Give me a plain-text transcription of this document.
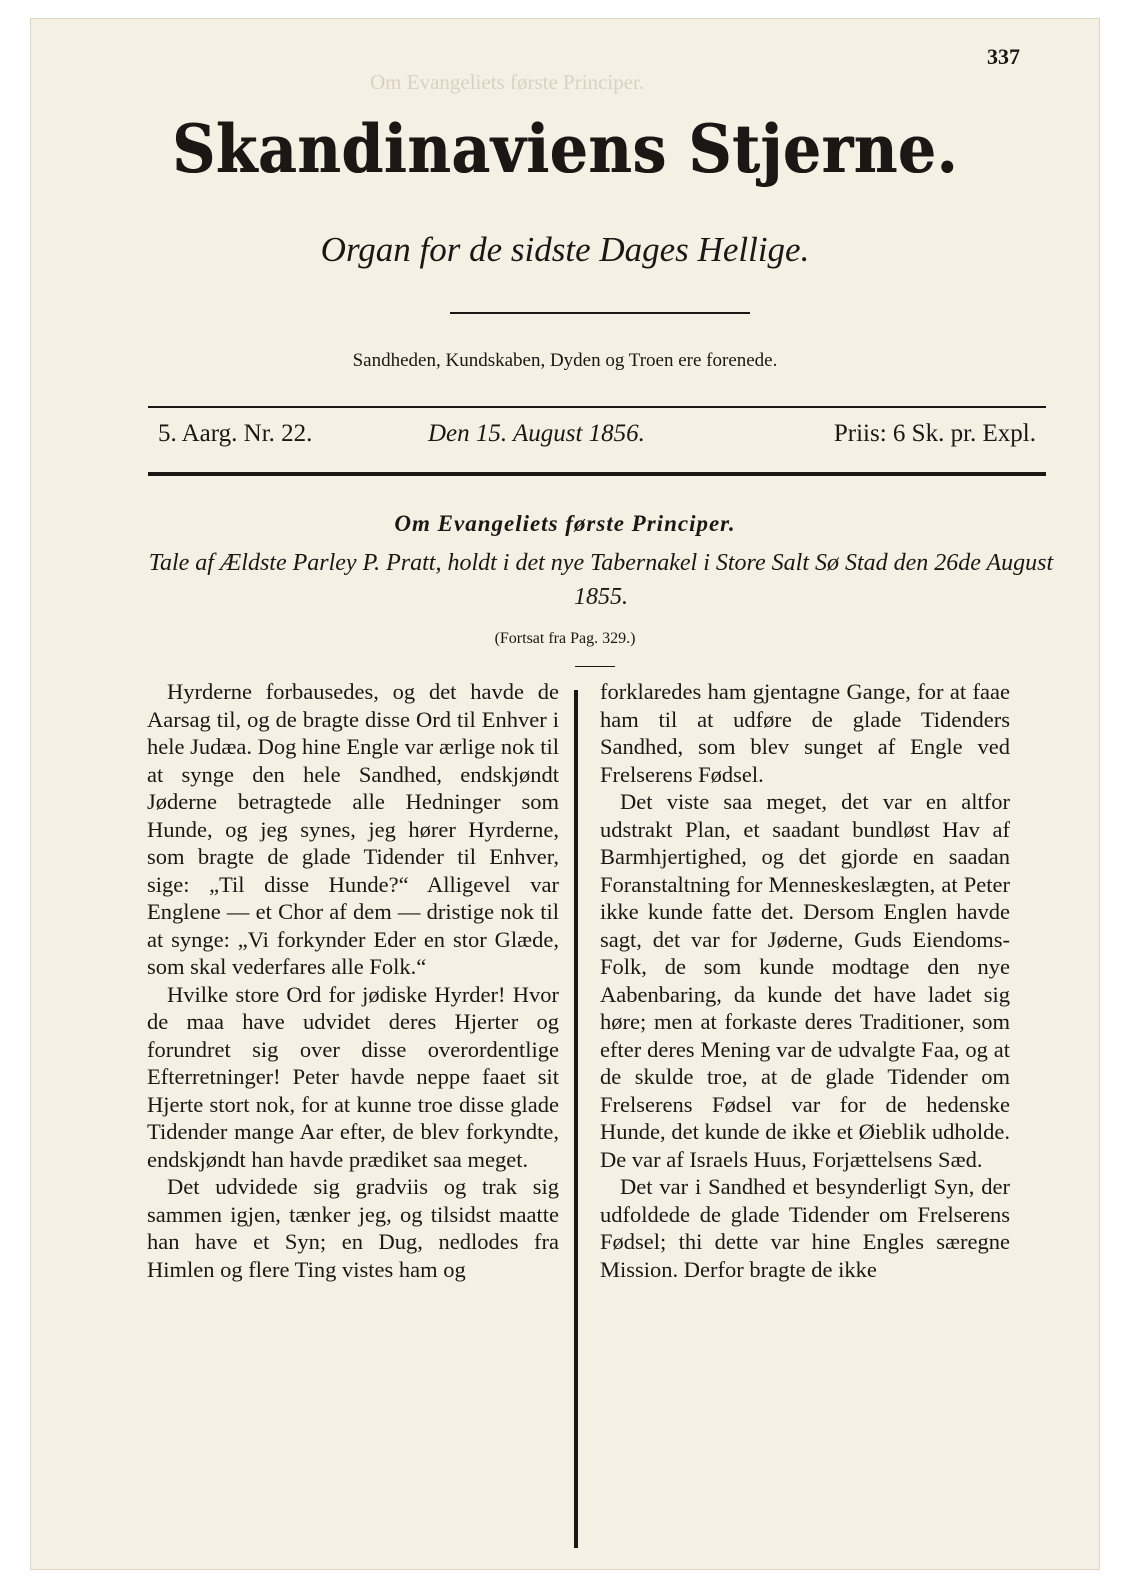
Om Evangeliets første Principer.
337
Skandinaviens Stjerne.
Organ for de sidste Dages Hellige.
Sandheden, Kundskaben, Dyden og Troen ere forenede.
5. Aarg. Nr. 22.	Den 15. August 1856.	Priis: 6 Sk. pr. Expl.
Om Evangeliets første Principer.
Tale af Ældste Parley P. Pratt, holdt i det nye Tabernakel i Store Salt Sø Stad den 26de August 1855.
(Fortsat fra Pag. 329.)

Hyrderne forbausedes, og det havde de Aarsag til, og de bragte disse Ord til Enhver i hele Judæa. Dog hine Engle var ærlige nok til at synge den hele Sandhed, endskjøndt Jøderne betragtede alle Hedninger som Hunde, og jeg synes, jeg hører Hyrderne, som bragte de glade Tidender til Enhver, sige: „Til disse Hunde?“ Alligevel var Englene — et Chor af dem — dristige nok til at synge: „Vi forkynder Eder en stor Glæde, som skal vederfares alle Folk.“

Hvilke store Ord for jødiske Hyrder! Hvor de maa have udvidet deres Hjerter og forundret sig over disse overordentlige Efterretninger! Peter havde neppe faaet sit Hjerte stort nok, for at kunne troe disse glade Tidender mange Aar efter, de blev forkyndte, endskjøndt han havde prædiket saa meget.

Det udvidede sig gradviis og trak sig sammen igjen, tænker jeg, og tilsidst maatte han have et Syn; en Dug, nedlodes fra Himlen og flere Ting vistes ham og

forklaredes ham gjentagne Gange, for at faae ham til at udføre de glade Tidenders Sandhed, som blev sunget af Engle ved Frelserens Fødsel.

Det viste saa meget, det var en altfor udstrakt Plan, et saadant bundløst Hav af Barmhjertighed, og det gjorde en saadan Foranstaltning for Menneskeslægten, at Peter ikke kunde fatte det. Dersom Englen havde sagt, det var for Jøderne, Guds Eiendoms-Folk, de som kunde modtage den nye Aabenbaring, da kunde det have ladet sig høre; men at forkaste deres Traditioner, som efter deres Mening var de udvalgte Faa, og at de skulde troe, at de glade Tidender om Frelserens Fødsel var for de hedenske Hunde, det kunde de ikke et Øieblik udholde. De var af Israels Huus, Forjættelsens Sæd.

Det var i Sandhed et besynderligt Syn, der udfoldede de glade Tidender om Frelserens Fødsel; thi dette var hine Engles særegne Mission. Derfor bragte de ikke
